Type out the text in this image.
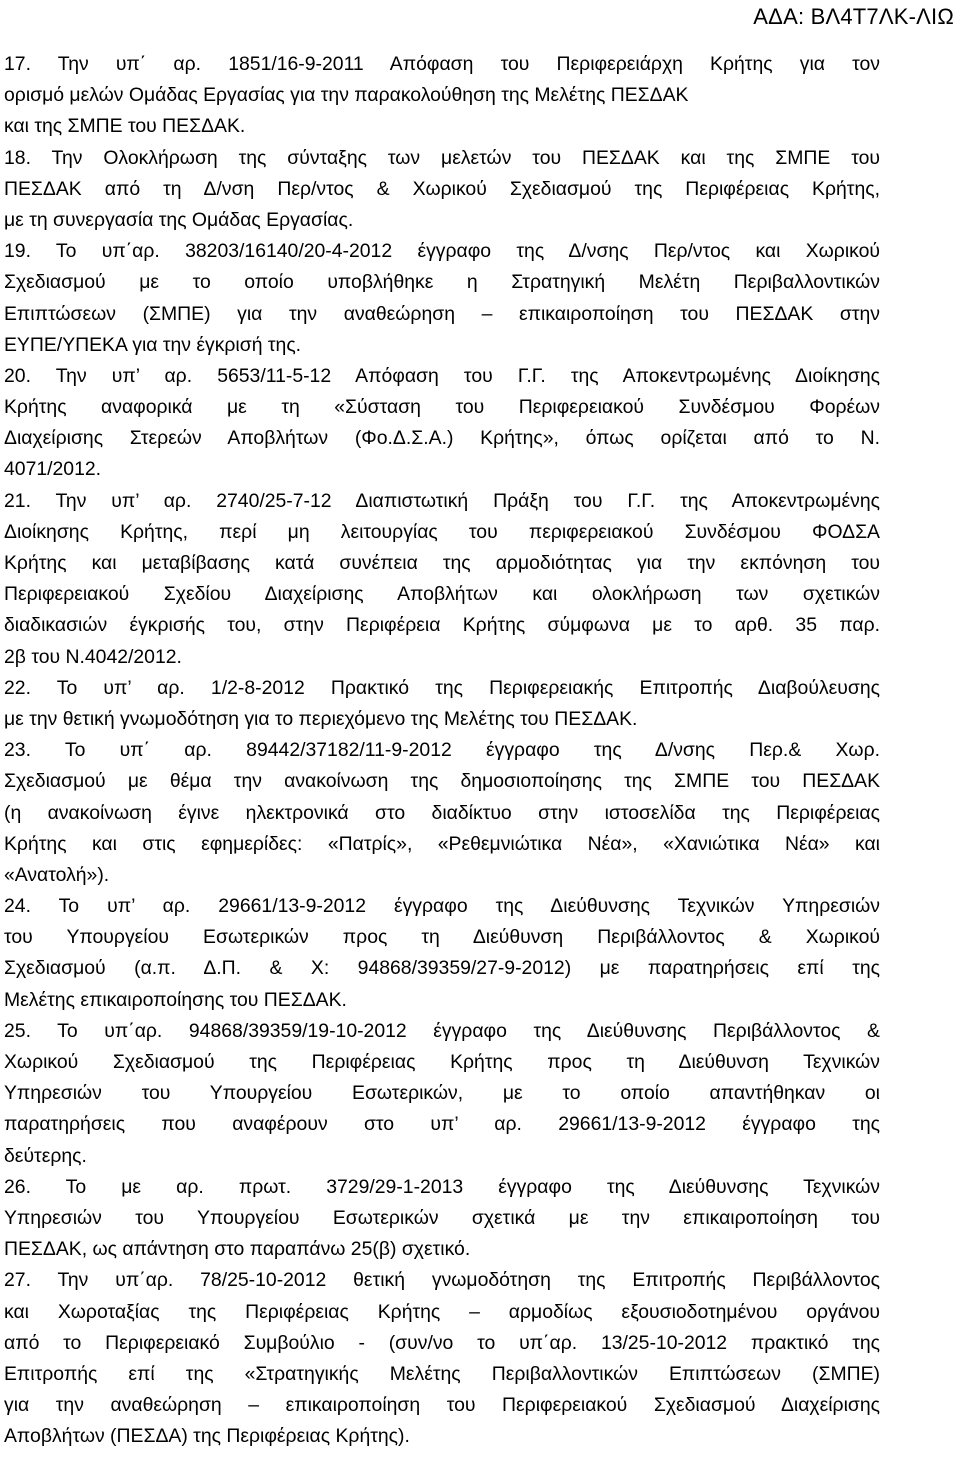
ΑΔΑ: ΒΛ4Τ7ΛΚ-ΛΙΩ
17. Την υπ΄ αρ. 1851/16-9-2011 Απόφαση του Περιφερειάρχη Κρήτης για τον
ορισμό μελών Ομάδας Εργασίας για την παρακολούθηση της Μελέτης ΠΕΣΔΑΚ
και της ΣΜΠΕ του ΠΕΣΔΑΚ.
18. Την Ολοκλήρωση της σύνταξης των μελετών του ΠΕΣΔΑΚ και της ΣΜΠΕ του
ΠΕΣΔΑΚ από τη Δ/νση Περ/ντος & Χωρικού Σχεδιασμού της Περιφέρειας Κρήτης,
με τη συνεργασία της Ομάδας Εργασίας.
19. Το υπ΄αρ. 38203/16140/20-4-2012 έγγραφο της Δ/νσης Περ/ντος και Χωρικού
Σχεδιασμού με το οποίο υποβλήθηκε η Στρατηγική Μελέτη Περιβαλλοντικών
Επιπτώσεων (ΣΜΠΕ) για την αναθεώρηση – επικαιροποίηση του ΠΕΣΔΑΚ στην
ΕΥΠΕ/ΥΠΕΚΑ για την έγκρισή της.
20. Την υπ’ αρ. 5653/11-5-12 Απόφαση του Γ.Γ. της Αποκεντρωμένης Διοίκησης
Κρήτης αναφορικά με τη «Σύσταση του Περιφερειακού Συνδέσμου Φορέων
Διαχείρισης Στερεών Αποβλήτων (Φο.Δ.Σ.Α.) Κρήτης», όπως ορίζεται από το Ν.
4071/2012.
21. Την υπ’ αρ. 2740/25-7-12 Διαπιστωτική Πράξη του Γ.Γ. της Αποκεντρωμένης
Διοίκησης Κρήτης, περί μη λειτουργίας του περιφερειακού Συνδέσμου ΦΟΔΣΑ
Κρήτης και μεταβίβασης κατά συνέπεια της αρμοδιότητας για την εκπόνηση του
Περιφερειακού Σχεδίου Διαχείρισης Αποβλήτων και ολοκλήρωση των σχετικών
διαδικασιών έγκρισής του, στην Περιφέρεια Κρήτης σύμφωνα με το αρθ. 35 παρ.
2β του Ν.4042/2012.
22. Το υπ’ αρ. 1/2-8-2012 Πρακτικό της Περιφερειακής Επιτροπής Διαβούλευσης
με την θετική γνωμοδότηση για το περιεχόμενο της Μελέτης του ΠΕΣΔΑΚ.
23. Το υπ΄ αρ. 89442/37182/11-9-2012 έγγραφο της Δ/νσης Περ.& Χωρ.
Σχεδιασμού με θέμα την ανακοίνωση της δημοσιοποίησης της ΣΜΠΕ του ΠΕΣΔΑΚ
(η ανακοίνωση έγινε ηλεκτρονικά στο διαδίκτυο στην ιστοσελίδα της Περιφέρειας
Κρήτης και στις εφημερίδες: «Πατρίς», «Ρεθεμνιώτικα Νέα», «Χανιώτικα Νέα» και
«Ανατολή»).
24. Το υπ’ αρ. 29661/13-9-2012 έγγραφο της Διεύθυνσης Τεχνικών Υπηρεσιών
του Υπουργείου Εσωτερικών προς τη Διεύθυνση Περιβάλλοντος & Χωρικού
Σχεδιασμού (α.π. Δ.Π. & Χ: 94868/39359/27-9-2012) με παρατηρήσεις επί της
Μελέτης επικαιροποίησης του ΠΕΣΔΑΚ.
25. Το υπ΄αρ. 94868/39359/19-10-2012 έγγραφο της Διεύθυνσης Περιβάλλοντος &
Χωρικού Σχεδιασμού της Περιφέρειας Κρήτης προς τη Διεύθυνση Τεχνικών
Υπηρεσιών του Υπουργείου Εσωτερικών, με το οποίο απαντήθηκαν οι
παρατηρήσεις που αναφέρουν στο υπ’ αρ. 29661/13-9-2012 έγγραφο της
δεύτερης.
26. Το με αρ. πρωτ. 3729/29-1-2013 έγγραφο της Διεύθυνσης Τεχνικών
Υπηρεσιών του Υπουργείου Εσωτερικών σχετικά με την επικαιροποίηση του
ΠΕΣΔΑΚ, ως απάντηση στο παραπάνω 25(β) σχετικό.
27. Την υπ΄αρ. 78/25-10-2012 θετική γνωμοδότηση της Επιτροπής Περιβάλλοντος
και Χωροταξίας της Περιφέρειας Κρήτης – αρμοδίως εξουσιοδοτημένου οργάνου
από το Περιφερειακό Συμβούλιο - (συν/νο το υπ΄αρ. 13/25-10-2012 πρακτικό της
Επιτροπής επί της «Στρατηγικής Μελέτης Περιβαλλοντικών Επιπτώσεων (ΣΜΠΕ)
για την αναθεώρηση – επικαιροποίηση του Περιφερειακού Σχεδιασμού Διαχείρισης
Αποβλήτων (ΠΕΣΔΑ) της Περιφέρειας Κρήτης).
